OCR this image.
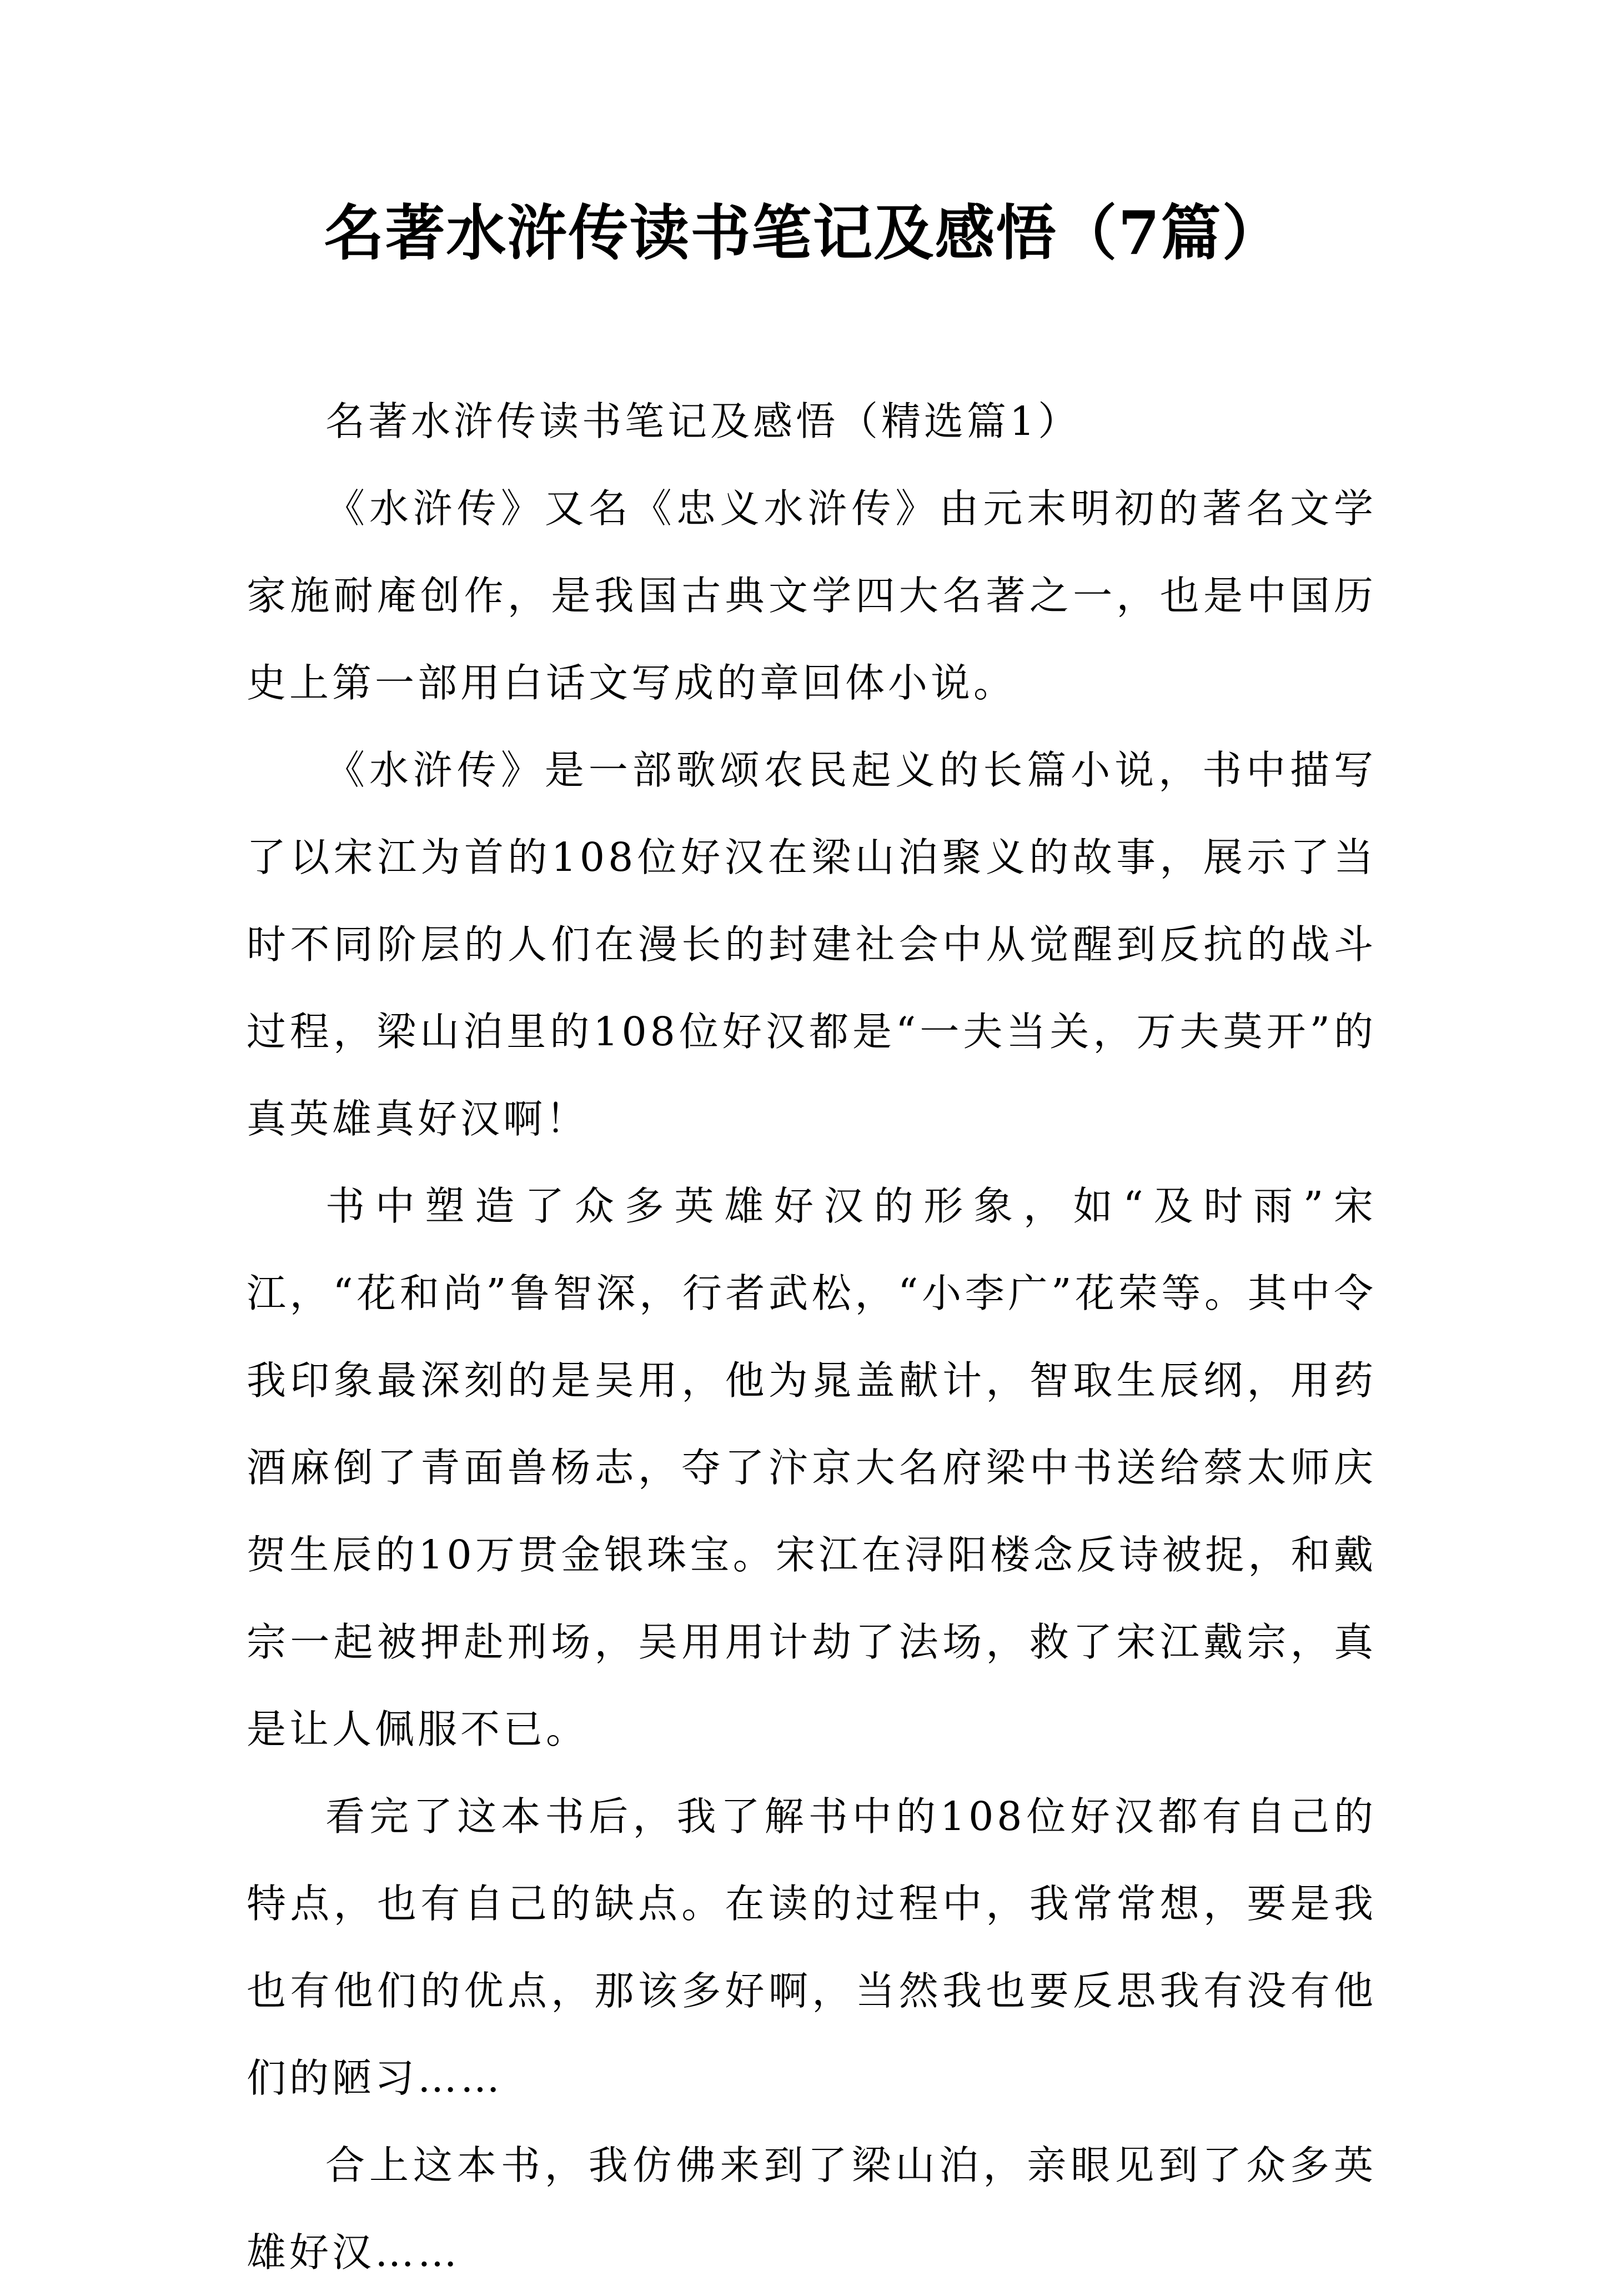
名著水浒传读书笔记及感悟（7篇）

名著水浒传读书笔记及感悟（精选篇1）

《水浒传》又名《忠义水浒传》由元末明初的著名文学家施耐庵创作，是我国古典文学四大名著之一，也是中国历史上第一部用白话文写成的章回体小说。

《水浒传》是一部歌颂农民起义的长篇小说，书中描写了以宋江为首的108位好汉在梁山泊聚义的故事，展示了当时不同阶层的人们在漫长的封建社会中从觉醒到反抗的战斗过程，梁山泊里的108位好汉都是“一夫当关，万夫莫开”的真英雄真好汉啊！

书中塑造了众多英雄好汉的形象，如“及时雨”宋江，“花和尚”鲁智深，行者武松，“小李广”花荣等。其中令我印象最深刻的是吴用，他为晁盖献计，智取生辰纲，用药酒麻倒了青面兽杨志，夺了汴京大名府梁中书送给蔡太师庆贺生辰的10万贯金银珠宝。宋江在浔阳楼念反诗被捉，和戴宗一起被押赴刑场，吴用用计劫了法场，救了宋江戴宗，真是让人佩服不已。

看完了这本书后，我了解书中的108位好汉都有自己的特点，也有自己的缺点。在读的过程中，我常常想，要是我也有他们的优点，那该多好啊，当然我也要反思我有没有他们的陋习……

合上这本书，我仿佛来到了梁山泊，亲眼见到了众多英雄好汉……
